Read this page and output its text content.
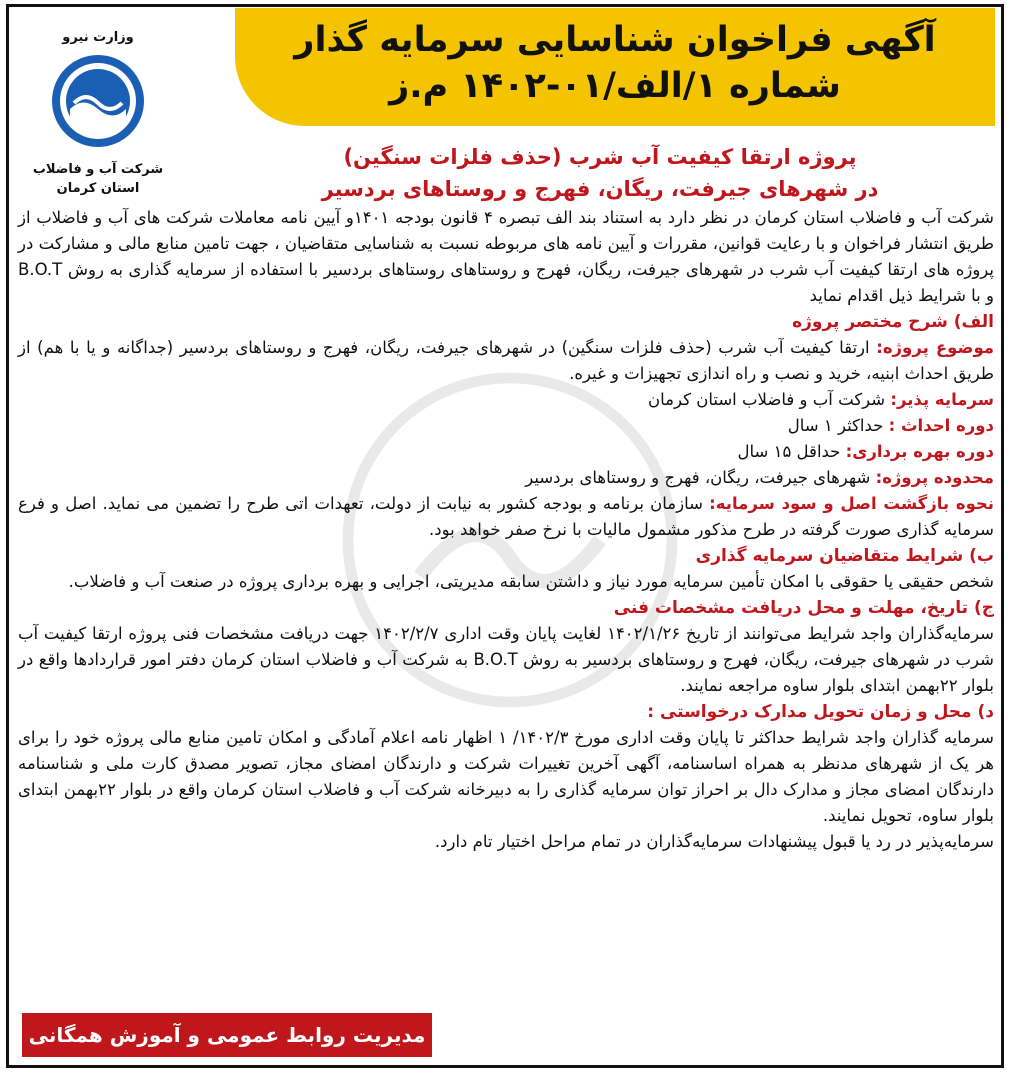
وزارت نیرو
شرکت آب و فاضلاب
استان کرمان
آگهی فراخوان شناسایی سرمایه گذار
شماره ۱/الف/۰۱-۱۴۰۲ م.ز
پروژه ارتقا کیفیت آب شرب (حذف فلزات سنگین)
در شهرهای جیرفت، ریگان، فهرج و روستاهای بردسیر

شرکت آب و فاضلاب استان کرمان در نظر دارد به استناد بند الف تبصره ۴ قانون بودجه ۱۴۰۱و آیین نامه معاملات شرکت های آب و فاضلاب از طریق انتشار فراخوان و با رعایت قوانین، مقررات و آیین نامه های مربوطه نسبت به شناسایی متقاضیان ، جهت تامین منابع مالی و مشارکت در پروژه های ارتقا کیفیت آب شرب در شهرهای جیرفت، ریگان، فهرج و روستاهای روستاهای بردسیر با استفاده از سرمایه گذاری به روش B.O.T و با شرایط ذیل اقدام نماید

الف) شرح مختصر پروژه

موضوع پروژه: ارتقا کیفیت آب شرب (حذف فلزات سنگین) در شهرهای جیرفت، ریگان، فهرج و روستاهای بردسیر (جداگانه و یا با هم) از طریق احداث ابنیه، خرید و نصب و راه اندازی تجهیزات و غیره.

سرمایه پذیر: شرکت آب و فاضلاب استان کرمان

دوره احداث : حداکثر ۱ سال

دوره بهره برداری: حداقل ۱۵ سال

محدوده پروژه: شهرهای جیرفت، ریگان، فهرج و روستاهای بردسیر

نحوه بازگشت اصل و سود سرمایه: سازمان برنامه و بودجه کشور به نیابت از دولت، تعهدات اتی طرح را تضمین می نماید. اصل و فرع سرمایه گذاری صورت گرفته در طرح مذکور مشمول مالیات با نرخ صفر خواهد بود.

ب) شرایط متقاضیان سرمایه گذاری

شخص حقیقی یا حقوقی با امکان تأمین سرمایه مورد نیاز و داشتن سابقه مدیریتی، اجرایی و بهره برداری پروژه در صنعت آب و فاضلاب.

ج) تاریخ، مهلت و محل دریافت مشخصات فنی

سرمایه‌گذاران واجد شرایط می‌توانند از تاریخ ۱۴۰۲/۱/۲۶ لغایت پایان وقت اداری ۱۴۰۲/۲/۷ جهت دریافت مشخصات فنی پروژه ارتقا کیفیت آب شرب در شهرهای جیرفت، ریگان، فهرج و روستاهای بردسیر به روش B.O.T به شرکت آب و فاضلاب استان کرمان دفتر امور قراردادها واقع در بلوار ۲۲بهمن ابتدای بلوار ساوه مراجعه نمایند.

د) محل و زمان تحویل مدارک درخواستی :

سرمایه گذاران واجد شرایط حداکثر تا پایان وقت اداری مورخ ۱۴۰۲/۳/ ۱ اظهار نامه اعلام آمادگی و امکان تامین منابع مالی پروژه خود را برای هر یک از شهرهای مدنظر به همراه اساسنامه، آگهی آخرین تغییرات شرکت و دارندگان امضای مجاز، تصویر مصدق کارت ملی و شناسنامه دارندگان امضای مجاز و مدارک دال بر احراز توان سرمایه گذاری را به دبیرخانه شرکت آب و فاضلاب استان کرمان واقع در بلوار ۲۲بهمن ابتدای بلوار ساوه، تحویل نمایند.

سرمایه‌پذیر در رد یا قبول پیشنهادات سرمایه‌گذاران در تمام مراحل اختیار تام دارد.

مدیریت روابط عمومی و آموزش همگانی
